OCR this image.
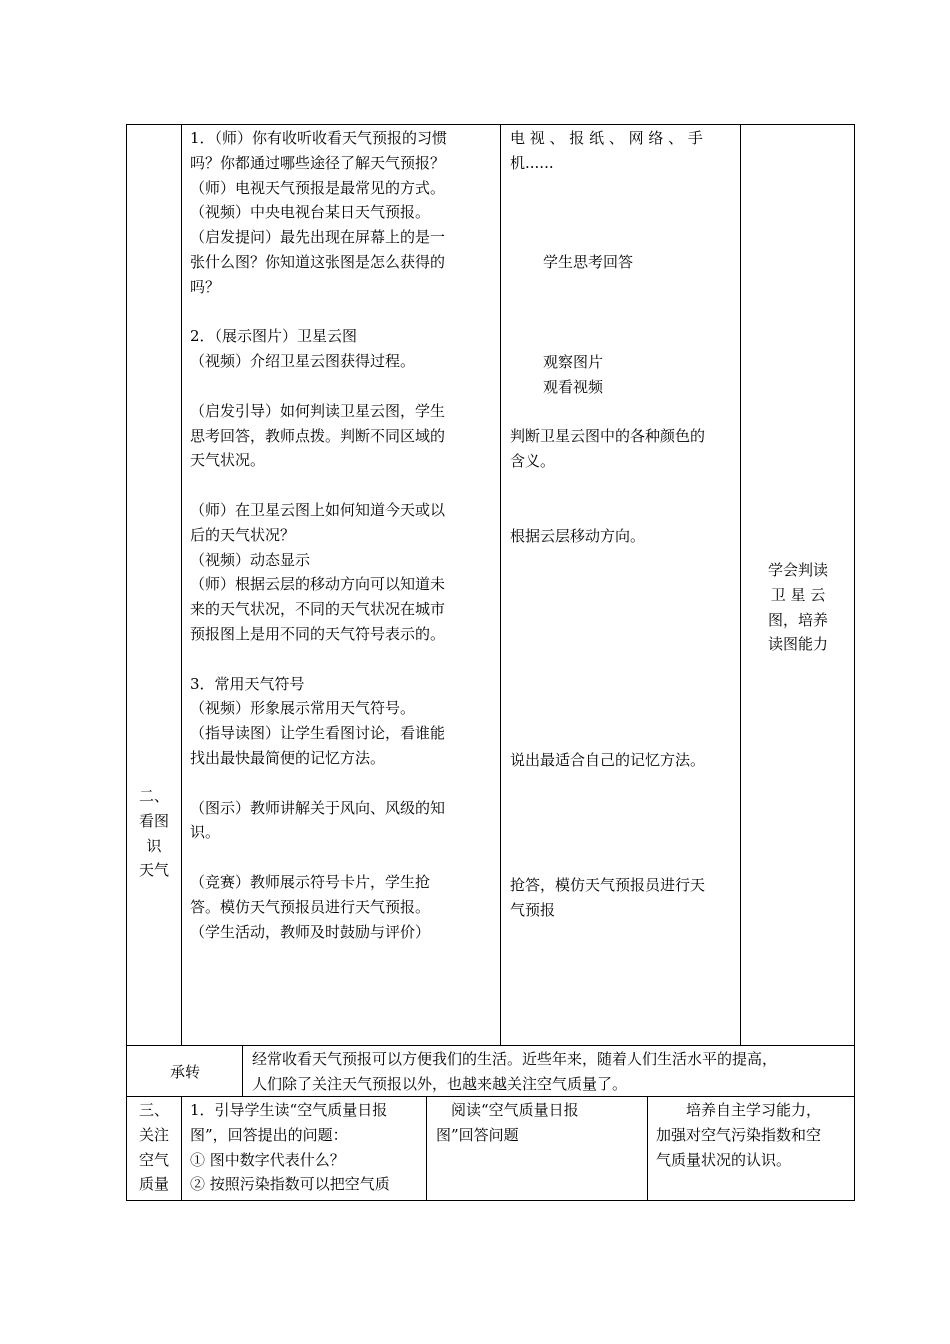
二、
看图
识
天气
1．（师）你有收听收看天气预报的习惯
吗？你都通过哪些途径了解天气预报？
（师）电视天气预报是最常见的方式。
（视频）中央电视台某日天气预报。
（启发提问）最先出现在屏幕上的是一
张什么图？你知道这张图是怎么获得的
吗？
2．（展示图片）卫星云图
（视频）介绍卫星云图获得过程。
（启发引导）如何判读卫星云图，学生
思考回答，教师点拨。判断不同区域的
天气状况。
（师）在卫星云图上如何知道今天或以
后的天气状况？
（视频）动态显示
（师）根据云层的移动方向可以知道未
来的天气状况，不同的天气状况在城市
预报图上是用不同的天气符号表示的。
3．常用天气符号
（视频）形象展示常用天气符号。
（指导读图）让学生看图讨论，看谁能
找出最快最简便的记忆方法。
（图示）教师讲解关于风向、风级的知
识。
（竞赛）教师展示符号卡片，学生抢
答。模仿天气预报员进行天气预报。
（学生活动，教师及时鼓励与评价）
电 视 、 报 纸 、 网 络 、 手
机......
学生思考回答
观察图片
观看视频
判断卫星云图中的各种颜色的
含义。
根据云层移动方向。
说出最适合自己的记忆方法。
抢答，模仿天气预报员进行天
气预报
学会判读
卫 星 云
图，培养
读图能力
承转
经常收看天气预报可以方便我们的生活。近些年来，随着人们生活水平的提高，
人们除了关注天气预报以外，也越来越关注空气质量了。
三、
关注
空气
质量
1．引导学生读“空气质量日报
图”，回答提出的问题：
① 图中数字代表什么？
② 按照污染指数可以把空气质
　阅读“空气质量日报
图”回答问题
　　培养自主学习能力，
加强对空气污染指数和空
气质量状况的认识。
